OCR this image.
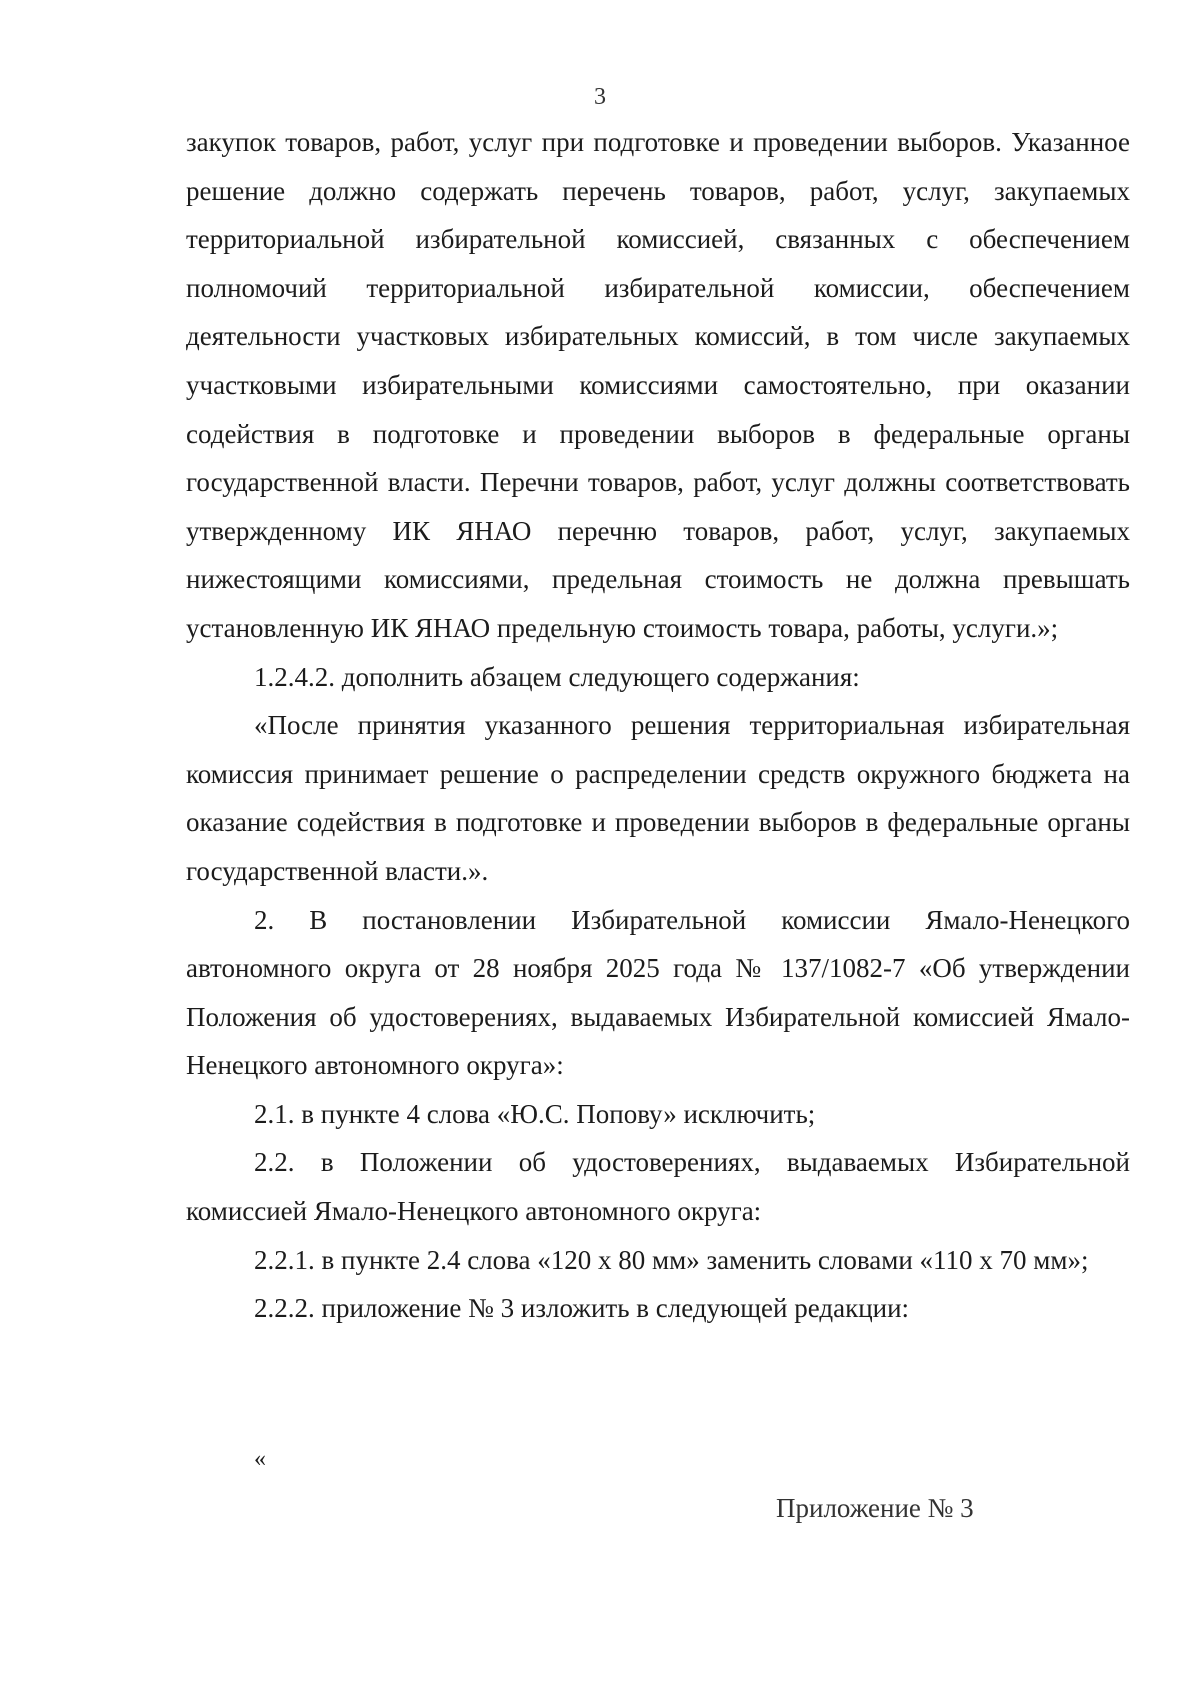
3

закупок товаров, работ, услуг при подготовке и проведении выборов. Указанное решение должно содержать перечень товаров, работ, услуг, закупаемых территориальной избирательной комиссией, связанных с обеспечением полномочий территориальной избирательной комиссии, обеспечением деятельности участковых избирательных комиссий, в том числе закупаемых участковыми избирательными комиссиями самостоятельно, при оказании содействия в подготовке и проведении выборов в федеральные органы государственной власти. Перечни товаров, работ, услуг должны соответствовать утвержденному ИК ЯНАО перечню товаров, работ, услуг, закупаемых нижестоящими комиссиями, предельная стоимость не должна превышать установленную ИК ЯНАО предельную стоимость товара, работы, услуги.»;

1.2.4.2. дополнить абзацем следующего содержания:

«После принятия указанного решения территориальная избирательная комиссия принимает решение о распределении средств окружного бюджета на оказание содействия в подготовке и проведении выборов в федеральные органы государственной власти.».

2. В постановлении Избирательной комиссии Ямало-Ненецкого автономного округа от 28 ноября 2025 года № 137/1082-7 «Об утверждении Положения об удостоверениях, выдаваемых Избирательной комиссией Ямало-Ненецкого автономного округа»:

2.1. в пункте 4 слова «Ю.С. Попову» исключить;

2.2. в Положении об удостоверениях, выдаваемых Избирательной комиссией Ямало-Ненецкого автономного округа:

2.2.1. в пункте 2.4 слова «120 х 80 мм» заменить словами «110 х 70 мм»;

2.2.2. приложение № 3 изложить в следующей редакции:

«
Приложение № 3
